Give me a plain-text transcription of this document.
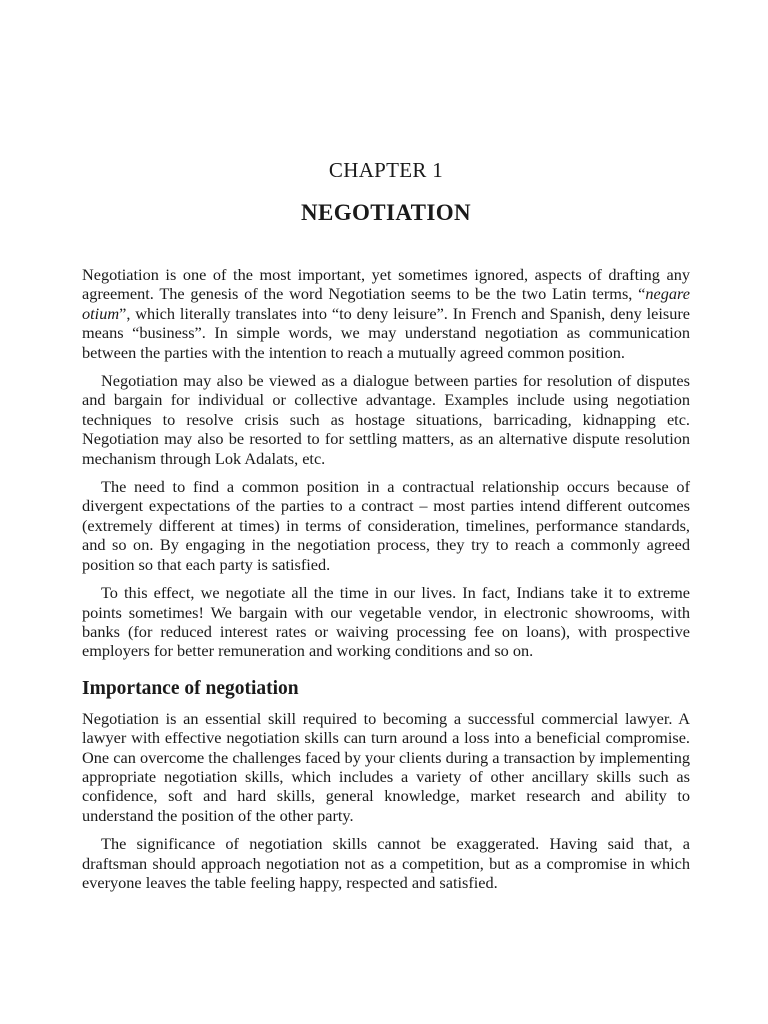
CHAPTER 1
NEGOTIATION

Negotiation is one of the most important, yet sometimes ignored, aspects of drafting any agreement. The genesis of the word Negotiation seems to be the two Latin terms, “negare otium”, which literally translates into “to deny leisure”. In French and Spanish, deny leisure means “business”. In simple words, we may understand negotiation as communication between the parties with the intention to reach a mutually agreed common position.

Negotiation may also be viewed as a dialogue between parties for resolution of disputes and bargain for individual or collective advantage. Examples include using negotiation techniques to resolve crisis such as hostage situations, barricading, kidnapping etc. Negotiation may also be resorted to for settling matters, as an alternative dispute resolution mechanism through Lok Adalats, etc.

The need to find a common position in a contractual relationship occurs because of divergent expectations of the parties to a contract – most parties intend different outcomes (extremely different at times) in terms of consideration, timelines, performance standards, and so on. By engaging in the negotiation process, they try to reach a commonly agreed position so that each party is satisfied.

To this effect, we negotiate all the time in our lives. In fact, Indians take it to extreme points sometimes! We bargain with our vegetable vendor, in electronic showrooms, with banks (for reduced interest rates or waiving processing fee on loans), with prospective employers for better remuneration and working conditions and so on.

Importance of negotiation

Negotiation is an essential skill required to becoming a successful commercial lawyer. A lawyer with effective negotiation skills can turn around a loss into a beneficial compromise. One can overcome the challenges faced by your clients during a transaction by implementing appropriate negotiation skills, which includes a variety of other ancillary skills such as confidence, soft and hard skills, general knowledge, market research and ability to understand the position of the other party.

The significance of negotiation skills cannot be exaggerated. Having said that, a draftsman should approach negotiation not as a competition, but as a compromise in which everyone leaves the table feeling happy, respected and satisfied.
